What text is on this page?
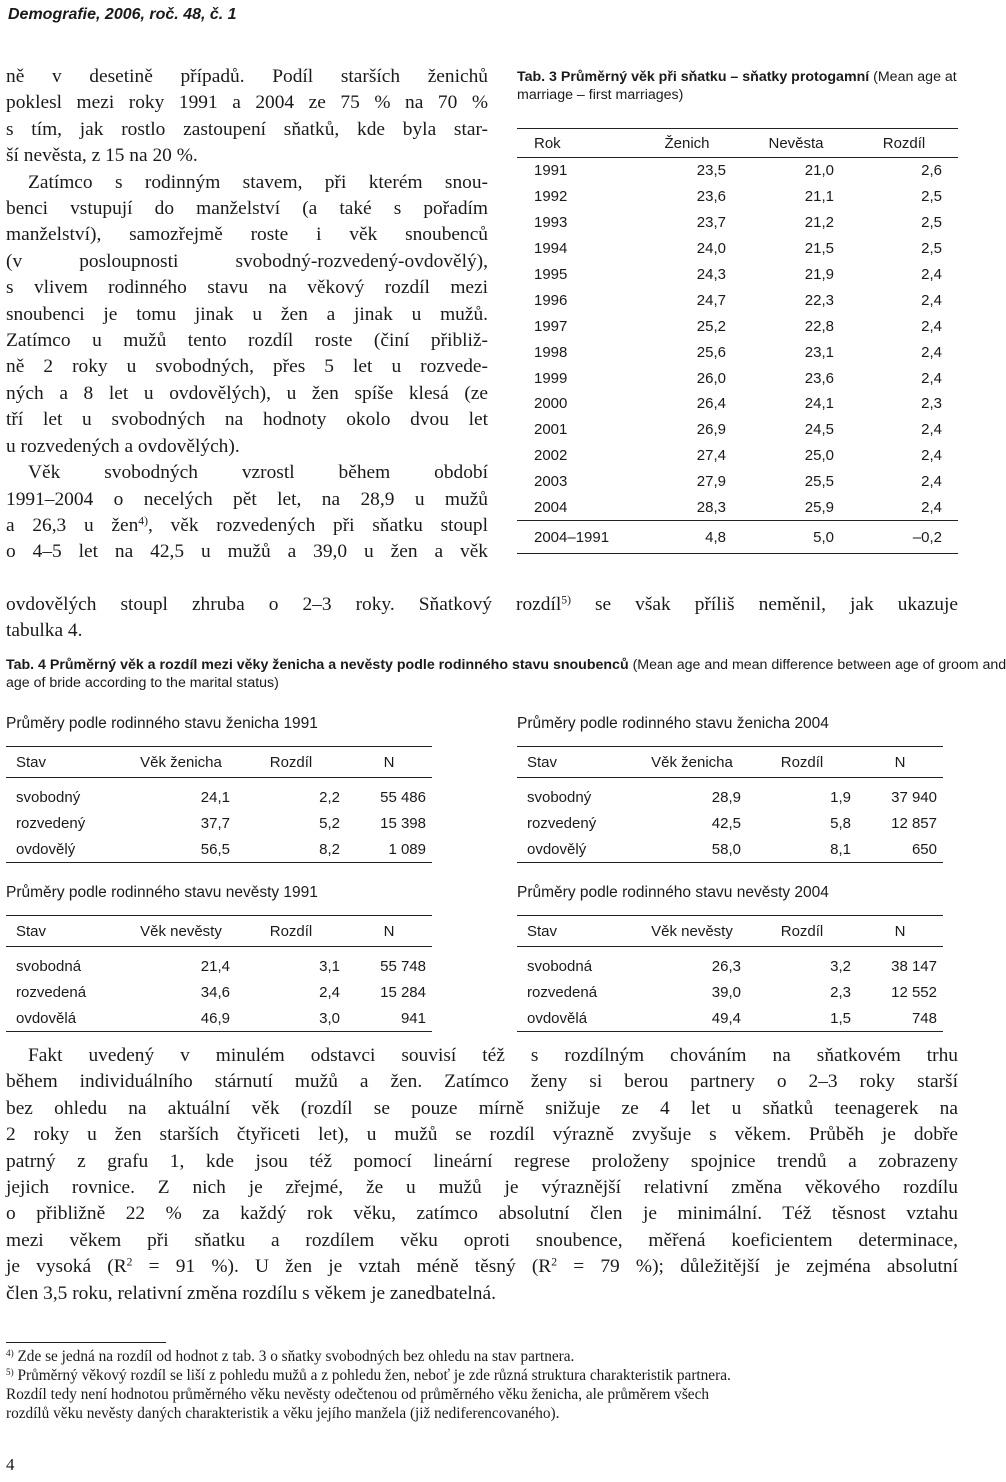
Demografie, 2006, roč. 48, č. 1
ně v desetině případů. Podíl starších ženichů
poklesl mezi roky 1991 a 2004 ze 75 % na 70 %
s tím, jak rostlo zastoupení sňatků, kde byla star-
ší nevěsta, z 15 na 20 %.
Zatímco s rodinným stavem, při kterém snou-
benci vstupují do manželství (a také s pořadím
manželství), samozřejmě roste i věk snoubenců
(v posloupnosti svobodný-rozvedený-ovdovělý),
s vlivem rodinného stavu na věkový rozdíl mezi
snoubenci je tomu jinak u žen a jinak u mužů.
Zatímco u mužů tento rozdíl roste (činí přibliž-
ně 2 roky u svobodných, přes 5 let u rozvede-
ných a 8 let u ovdovělých), u žen spíše klesá (ze
tří let u svobodných na hodnoty okolo dvou let
u rozvedených a ovdovělých).
Věk svobodných vzrostl během období
1991–2004 o necelých pět let, na 28,9 u mužů
a 26,3 u žen$^{4)}$, věk rozvedených při sňatku stoupl
o 4–5 let na 42,5 u mužů a 39,0 u žen a věk
ovdovělých stoupl zhruba o 2–3 roky. Sňatkový rozdíl$^{5)}$ se však příliš neměnil, jak ukazuje
tabulka 4.
Tab. 3 Průměrný věk při sňatku – sňatky protogamní (Mean age at
marriage – first marriages)
Rok	Ženich	Nevěsta	Rozdíl
1991	23,5	21,0	2,6
1992	23,6	21,1	2,5
1993	23,7	21,2	2,5
1994	24,0	21,5	2,5
1995	24,3	21,9	2,4
1996	24,7	22,3	2,4
1997	25,2	22,8	2,4
1998	25,6	23,1	2,4
1999	26,0	23,6	2,4
2000	26,4	24,1	2,3
2001	26,9	24,5	2,4
2002	27,4	25,0	2,4
2003	27,9	25,5	2,4
2004	28,3	25,9	2,4
2004–1991	4,8	5,0	–0,2
Tab. 4 Průměrný věk a rozdíl mezi věky ženicha a nevěsty podle rodinného stavu snoubenců (Mean age and mean difference between age of groom and
age of bride according to the marital status)
Průměry podle rodinného stavu ženicha 1991	Průměry podle rodinného stavu ženicha 2004
Průměry podle rodinného stavu nevěsty 1991	Průměry podle rodinného stavu nevěsty 2004
Stav	Věk ženicha	Rozdíl	N

svobodný	24,1	2,2	55 486
rozvedený	37,7	5,2	15 398
ovdovělý	56,5	8,2	1 089
Stav	Věk ženicha	Rozdíl	N

svobodný	28,9	1,9	37 940
rozvedený	42,5	5,8	12 857
ovdovělý	58,0	8,1	650
Stav	Věk nevěsty	Rozdíl	N

svobodná	21,4	3,1	55 748
rozvedená	34,6	2,4	15 284
ovdovělá	46,9	3,0	941
Stav	Věk nevěsty	Rozdíl	N

svobodná	26,3	3,2	38 147
rozvedená	39,0	2,3	12 552
ovdovělá	49,4	1,5	748
Fakt uvedený v minulém odstavci souvisí též s rozdílným chováním na sňatkovém trhu
během individuálního stárnutí mužů a žen. Zatímco ženy si berou partnery o 2–3 roky starší
bez ohledu na aktuální věk (rozdíl se pouze mírně snižuje ze 4 let u sňatků teenagerek na
2 roky u žen starších čtyřiceti let), u mužů se rozdíl výrazně zvyšuje s věkem. Průběh je dobře
patrný z grafu 1, kde jsou též pomocí lineární regrese proloženy spojnice trendů a zobrazeny
jejich rovnice. Z nich je zřejmé, že u mužů je výraznější relativní změna věkového rozdílu
o přibližně 22 % za každý rok věku, zatímco absolutní člen je minimální. Též těsnost vztahu
mezi věkem při sňatku a rozdílem věku oproti snoubence, měřená koeficientem determinace,
je vysoká ($R^2 = 91$ %). U žen je vztah méně těsný ($R^2 = 79$ %); důležitější je zejména absolutní
člen 3,5 roku, relativní změna rozdílu s věkem je zanedbatelná.
$^{4)}$ Zde se jedná na rozdíl od hodnot z tab. 3 o sňatky svobodných bez ohledu na stav partnera.
$^{5)}$ Průměrný věkový rozdíl se liší z pohledu mužů a z pohledu žen, neboť je zde různá struktura charakteristik partnera.
Rozdíl tedy není hodnotou průměrného věku nevěsty odečtenou od průměrného věku ženicha, ale průměrem všech
rozdílů věku nevěsty daných charakteristik a věku jejího manžela (již nediferencovaného).
4
